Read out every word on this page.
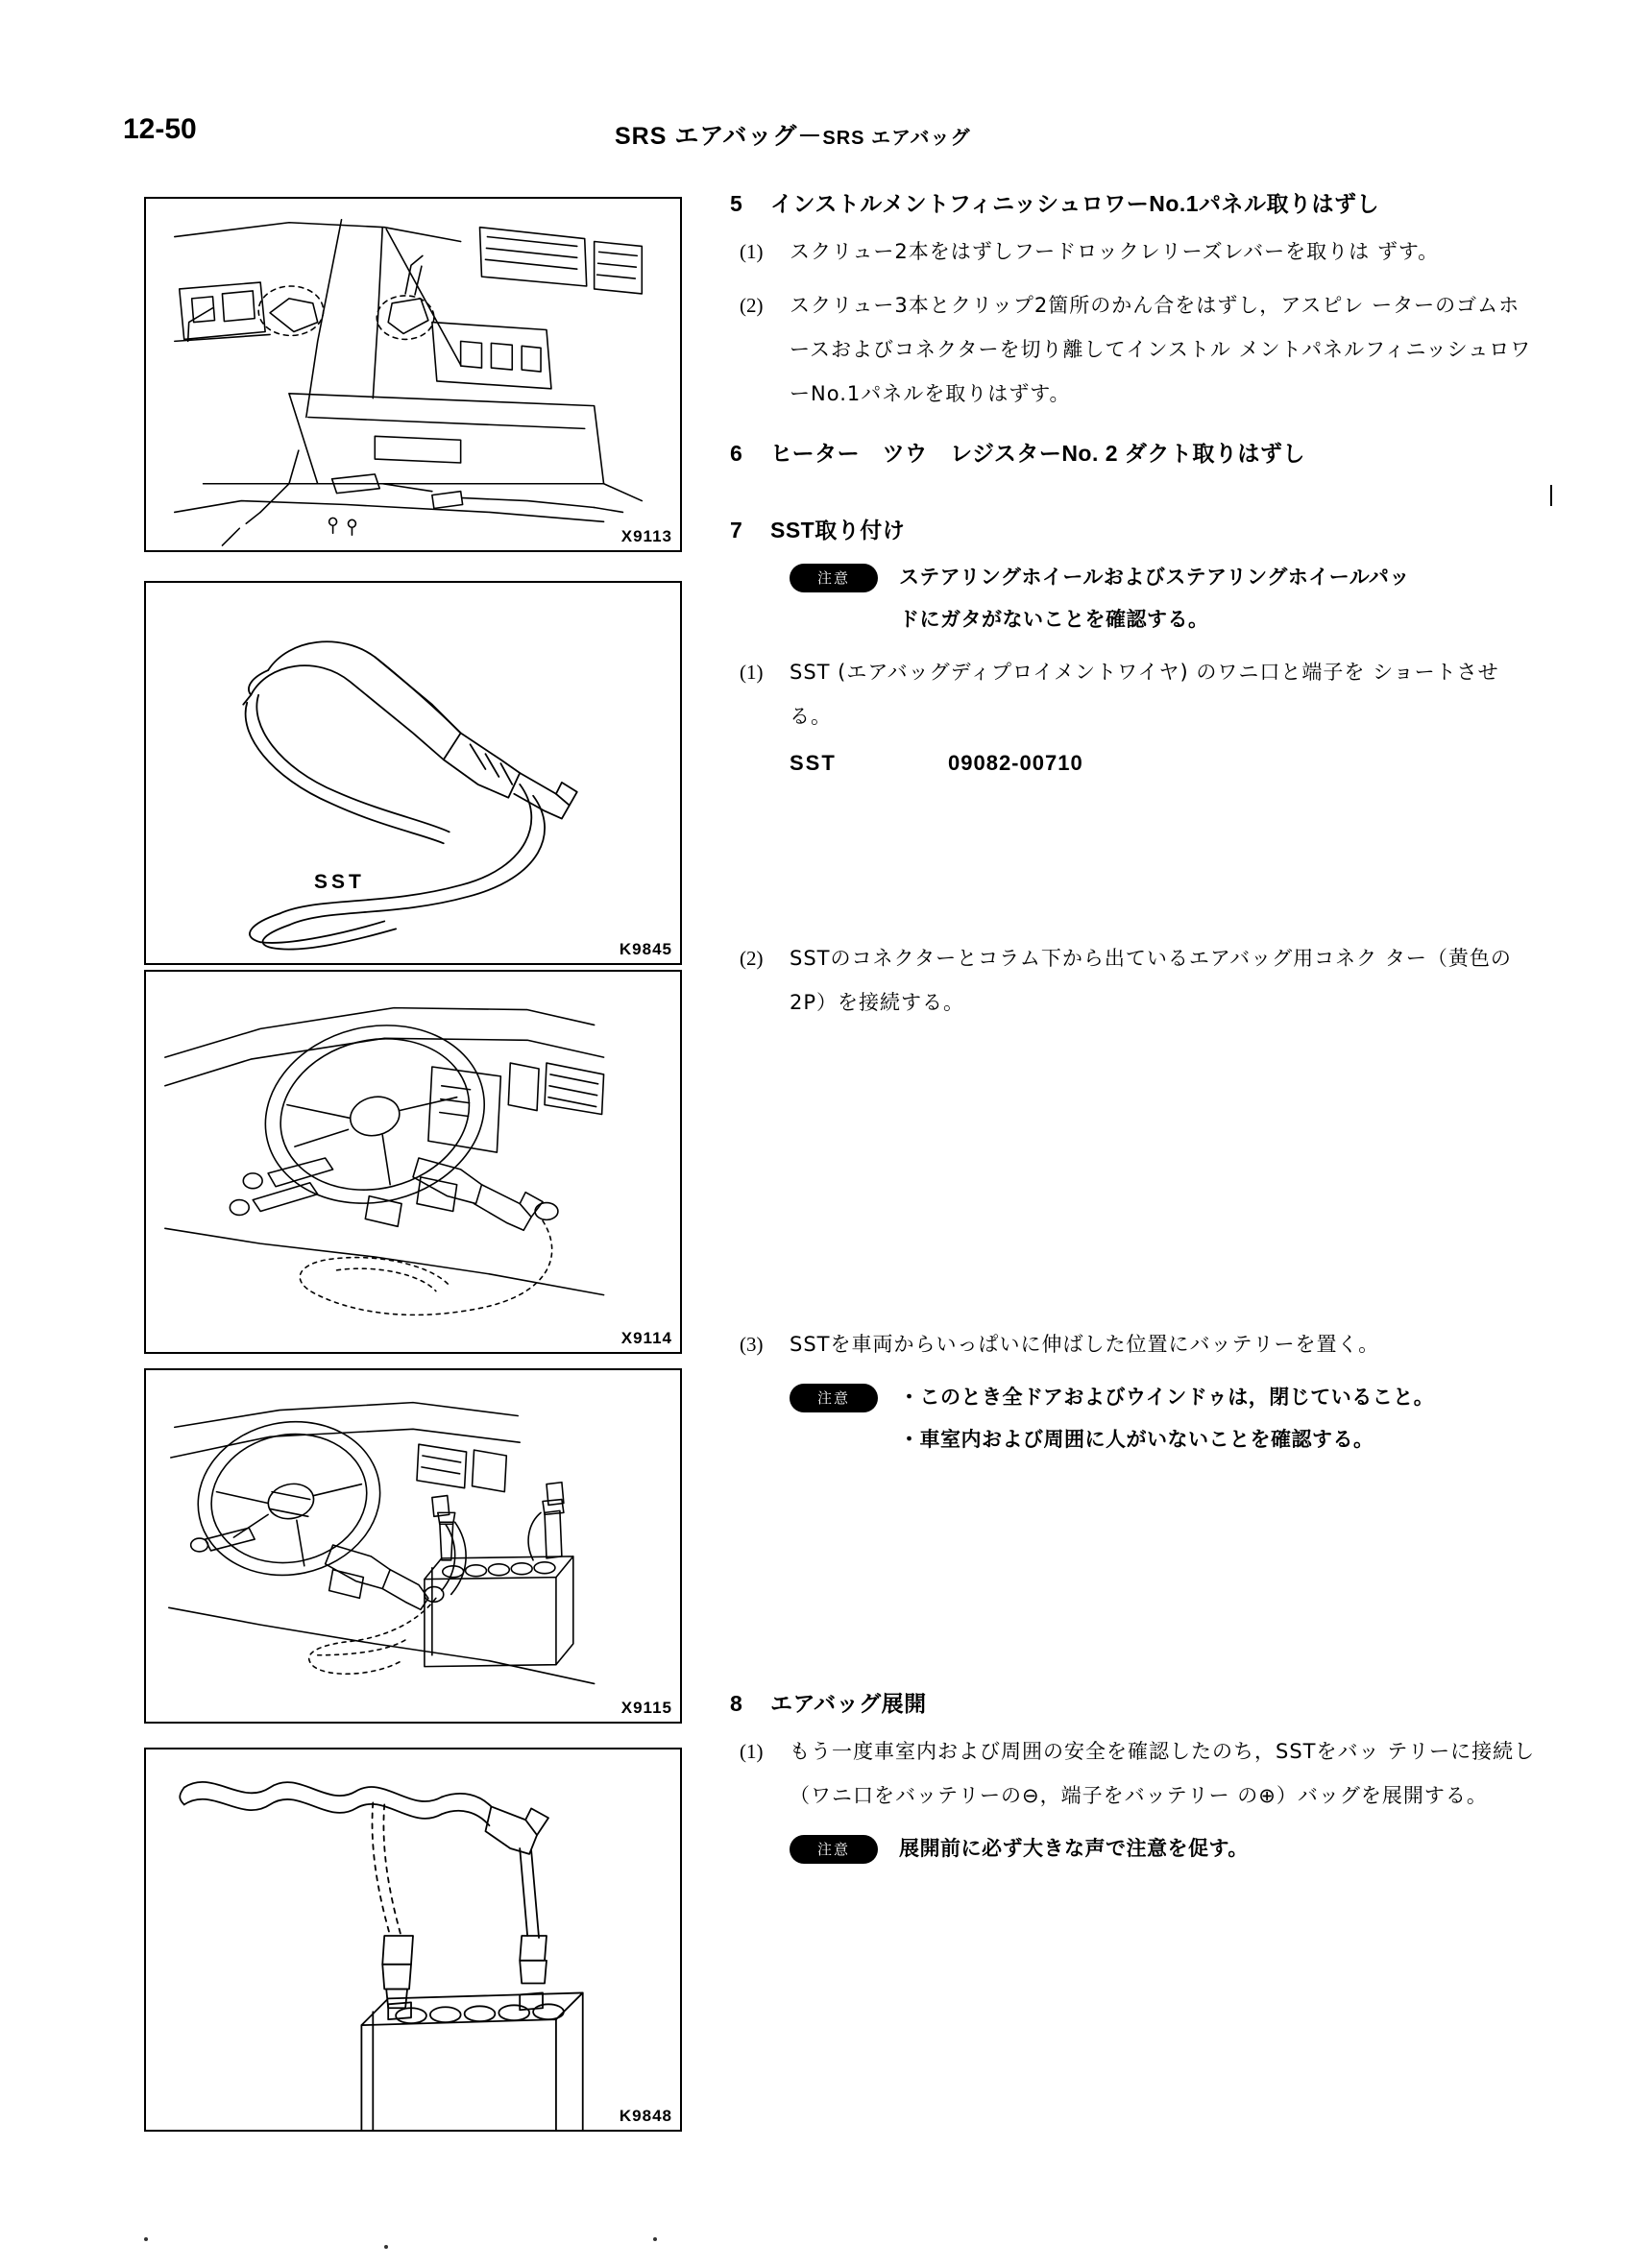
12-50	SRS エアバッグ－SRS エアバッグ
X9113
SST
K9845
X9114
X9115
K9848
5	インストルメントフィニッシュロワーNo.1パネル取りはずし
(1)	スクリュー2本をはずしフードロックレリーズレバーを取りは ずす。
(2)	スクリュー3本とクリップ2箇所のかん合をはずし，アスピレ ーターのゴムホースおよびコネクターを切り離してインストル メントパネルフィニッシュロワーNo.1パネルを取りはずす。
6	ヒーター　ツウ　レジスターNo. 2 ダクト取りはずし
7	SST取り付け
注意	ステアリングホイールおよびステアリングホイールパッ
ドにガタがないことを確認する。
(1)	SST (エアバッグディプロイメントワイヤ) のワニ口と端子を ショートさせる。
SST	09082-00710
(2)	SSTのコネクターとコラム下から出ているエアバッグ用コネク ター（黄色の2P）を接続する。
(3)	SSTを車両からいっぱいに伸ばした位置にバッテリーを置く。
注意	・このとき全ドアおよびウインドゥは，閉じていること。
・車室内および周囲に人がいないことを確認する。
8	エアバッグ展開
(1)	もう一度車室内および周囲の安全を確認したのち，SSTをバッ テリーに接続し（ワニ口をバッテリーの⊖，端子をバッテリー の⊕）バッグを展開する。
注意	展開前に必ず大きな声で注意を促す。
